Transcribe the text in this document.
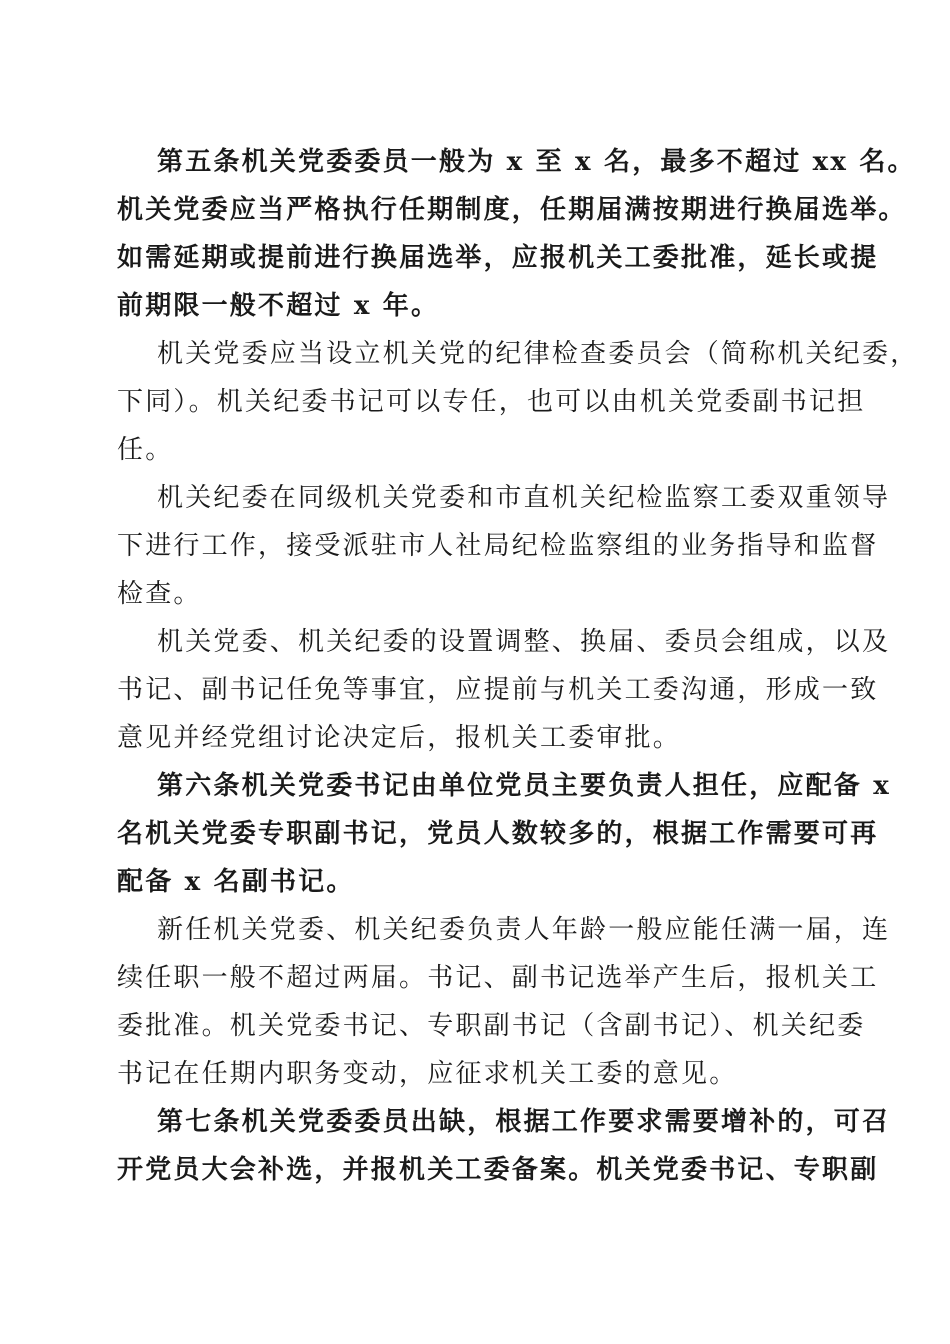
第五条机关党委委员一般为 x 至 x 名，最多不超过 xx 名。
机关党委应当严格执行任期制度，任期届满按期进行换届选举。
如需延期或提前进行换届选举，应报机关工委批准，延长或提
前期限一般不超过 x 年。
机关党委应当设立机关党的纪律检查委员会（简称机关纪委，
下同）。机关纪委书记可以专任，也可以由机关党委副书记担
任。
机关纪委在同级机关党委和市直机关纪检监察工委双重领导
下进行工作，接受派驻市人社局纪检监察组的业务指导和监督
检查。
机关党委、机关纪委的设置调整、换届、委员会组成，以及
书记、副书记任免等事宜，应提前与机关工委沟通，形成一致
意见并经党组讨论决定后，报机关工委审批。
第六条机关党委书记由单位党员主要负责人担任，应配备 x
名机关党委专职副书记，党员人数较多的，根据工作需要可再
配备 x 名副书记。
新任机关党委、机关纪委负责人年龄一般应能任满一届，连
续任职一般不超过两届。书记、副书记选举产生后，报机关工
委批准。机关党委书记、专职副书记（含副书记）、机关纪委
书记在任期内职务变动，应征求机关工委的意见。
第七条机关党委委员出缺，根据工作要求需要增补的，可召
开党员大会补选，并报机关工委备案。机关党委书记、专职副
